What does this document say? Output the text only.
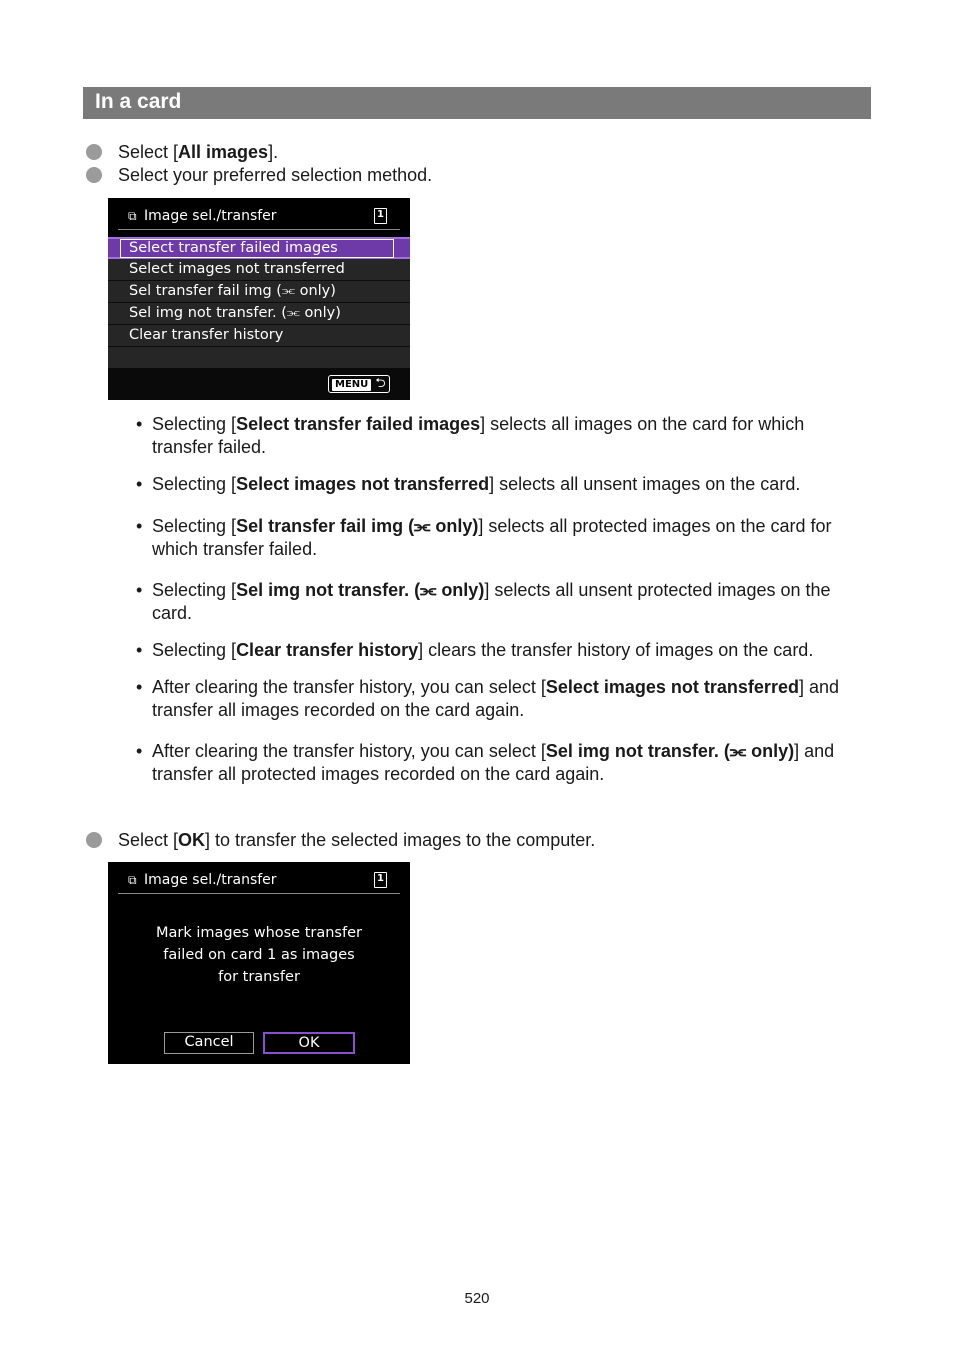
In a card
Select [All images].
Select your preferred selection method.
⧉ Image sel./transfer	1
Select transfer failed images
Select images not transferred
Sel transfer fail img (⫘ only)
Sel img not transfer. (⫘ only)
Clear transfer history
MENU ⮌
• Selecting [Select transfer failed images] selects all images on the card for which transfer failed.
• Selecting [Select images not transferred] selects all unsent images on the card.
• Selecting [Sel transfer fail img (⫘ only)] selects all protected images on the card for which transfer failed.
• Selecting [Sel img not transfer. (⫘ only)] selects all unsent protected images on the card.
• Selecting [Clear transfer history] clears the transfer history of images on the card.
• After clearing the transfer history, you can select [Select images not transferred] and transfer all images recorded on the card again.
• After clearing the transfer history, you can select [Sel img not transfer. (⫘ only)] and transfer all protected images recorded on the card again.
Select [OK] to transfer the selected images to the computer.
⧉ Image sel./transfer	1
Mark images whose transfer
failed on card 1 as images
for transfer
Cancel	OK
520
